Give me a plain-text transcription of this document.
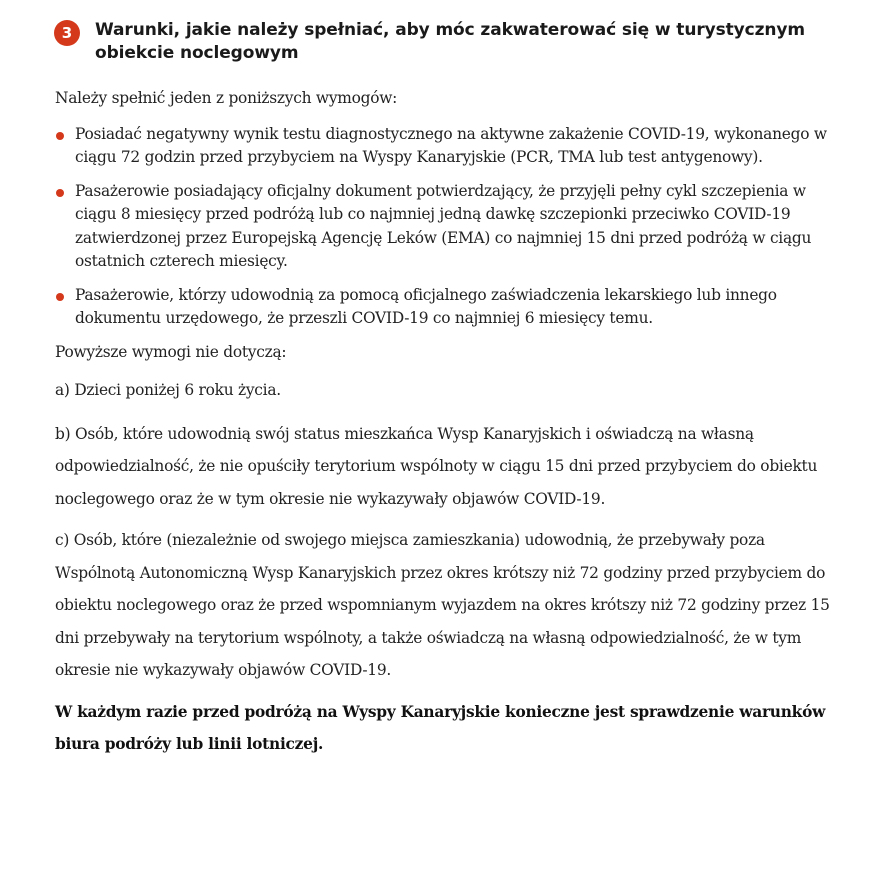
3	Warunki, jakie należy spełniać, aby móc zakwaterować się w turystycznym obiekcie noclegowym

Należy spełnić jeden z poniższych wymogów:

Posiadać negatywny wynik testu diagnostycznego na aktywne zakażenie COVID-19, wykonanego w ciągu 72 godzin przed przybyciem na Wyspy Kanaryjskie (PCR, TMA lub test antygenowy).
Pasażerowie posiadający oficjalny dokument potwierdzający, że przyjęli pełny cykl szczepienia w ciągu 8 miesięcy przed podróżą lub co najmniej jedną dawkę szczepionki przeciwko COVID-19 zatwierdzonej przez Europejską Agencję Leków (EMA) co najmniej 15 dni przed podróżą w ciągu ostatnich czterech miesięcy.
Pasażerowie, którzy udowodnią za pomocą oficjalnego zaświadczenia lekarskiego lub innego dokumentu urzędowego, że przeszli COVID-19 co najmniej 6 miesięcy temu.

Powyższe wymogi nie dotyczą:

a) Dzieci poniżej 6 roku życia.

b) Osób, które udowodnią swój status mieszkańca Wysp Kanaryjskich i oświadczą na własną odpowiedzialność, że nie opuściły terytorium wspólnoty w ciągu 15 dni przed przybyciem do obiektu noclegowego oraz że w tym okresie nie wykazywały objawów COVID-19.

c) Osób, które (niezależnie od swojego miejsca zamieszkania) udowodnią, że przebywały poza Wspólnotą Autonomiczną Wysp Kanaryjskich przez okres krótszy niż 72 godziny przed przybyciem do obiektu noclegowego oraz że przed wspomnianym wyjazdem na okres krótszy niż 72 godziny przez 15 dni przebywały na terytorium wspólnoty, a także oświadczą na własną odpowiedzialność, że w tym okresie nie wykazywały objawów COVID-19.

W każdym razie przed podróżą na Wyspy Kanaryjskie konieczne jest sprawdzenie warunków biura podróży lub linii lotniczej.
